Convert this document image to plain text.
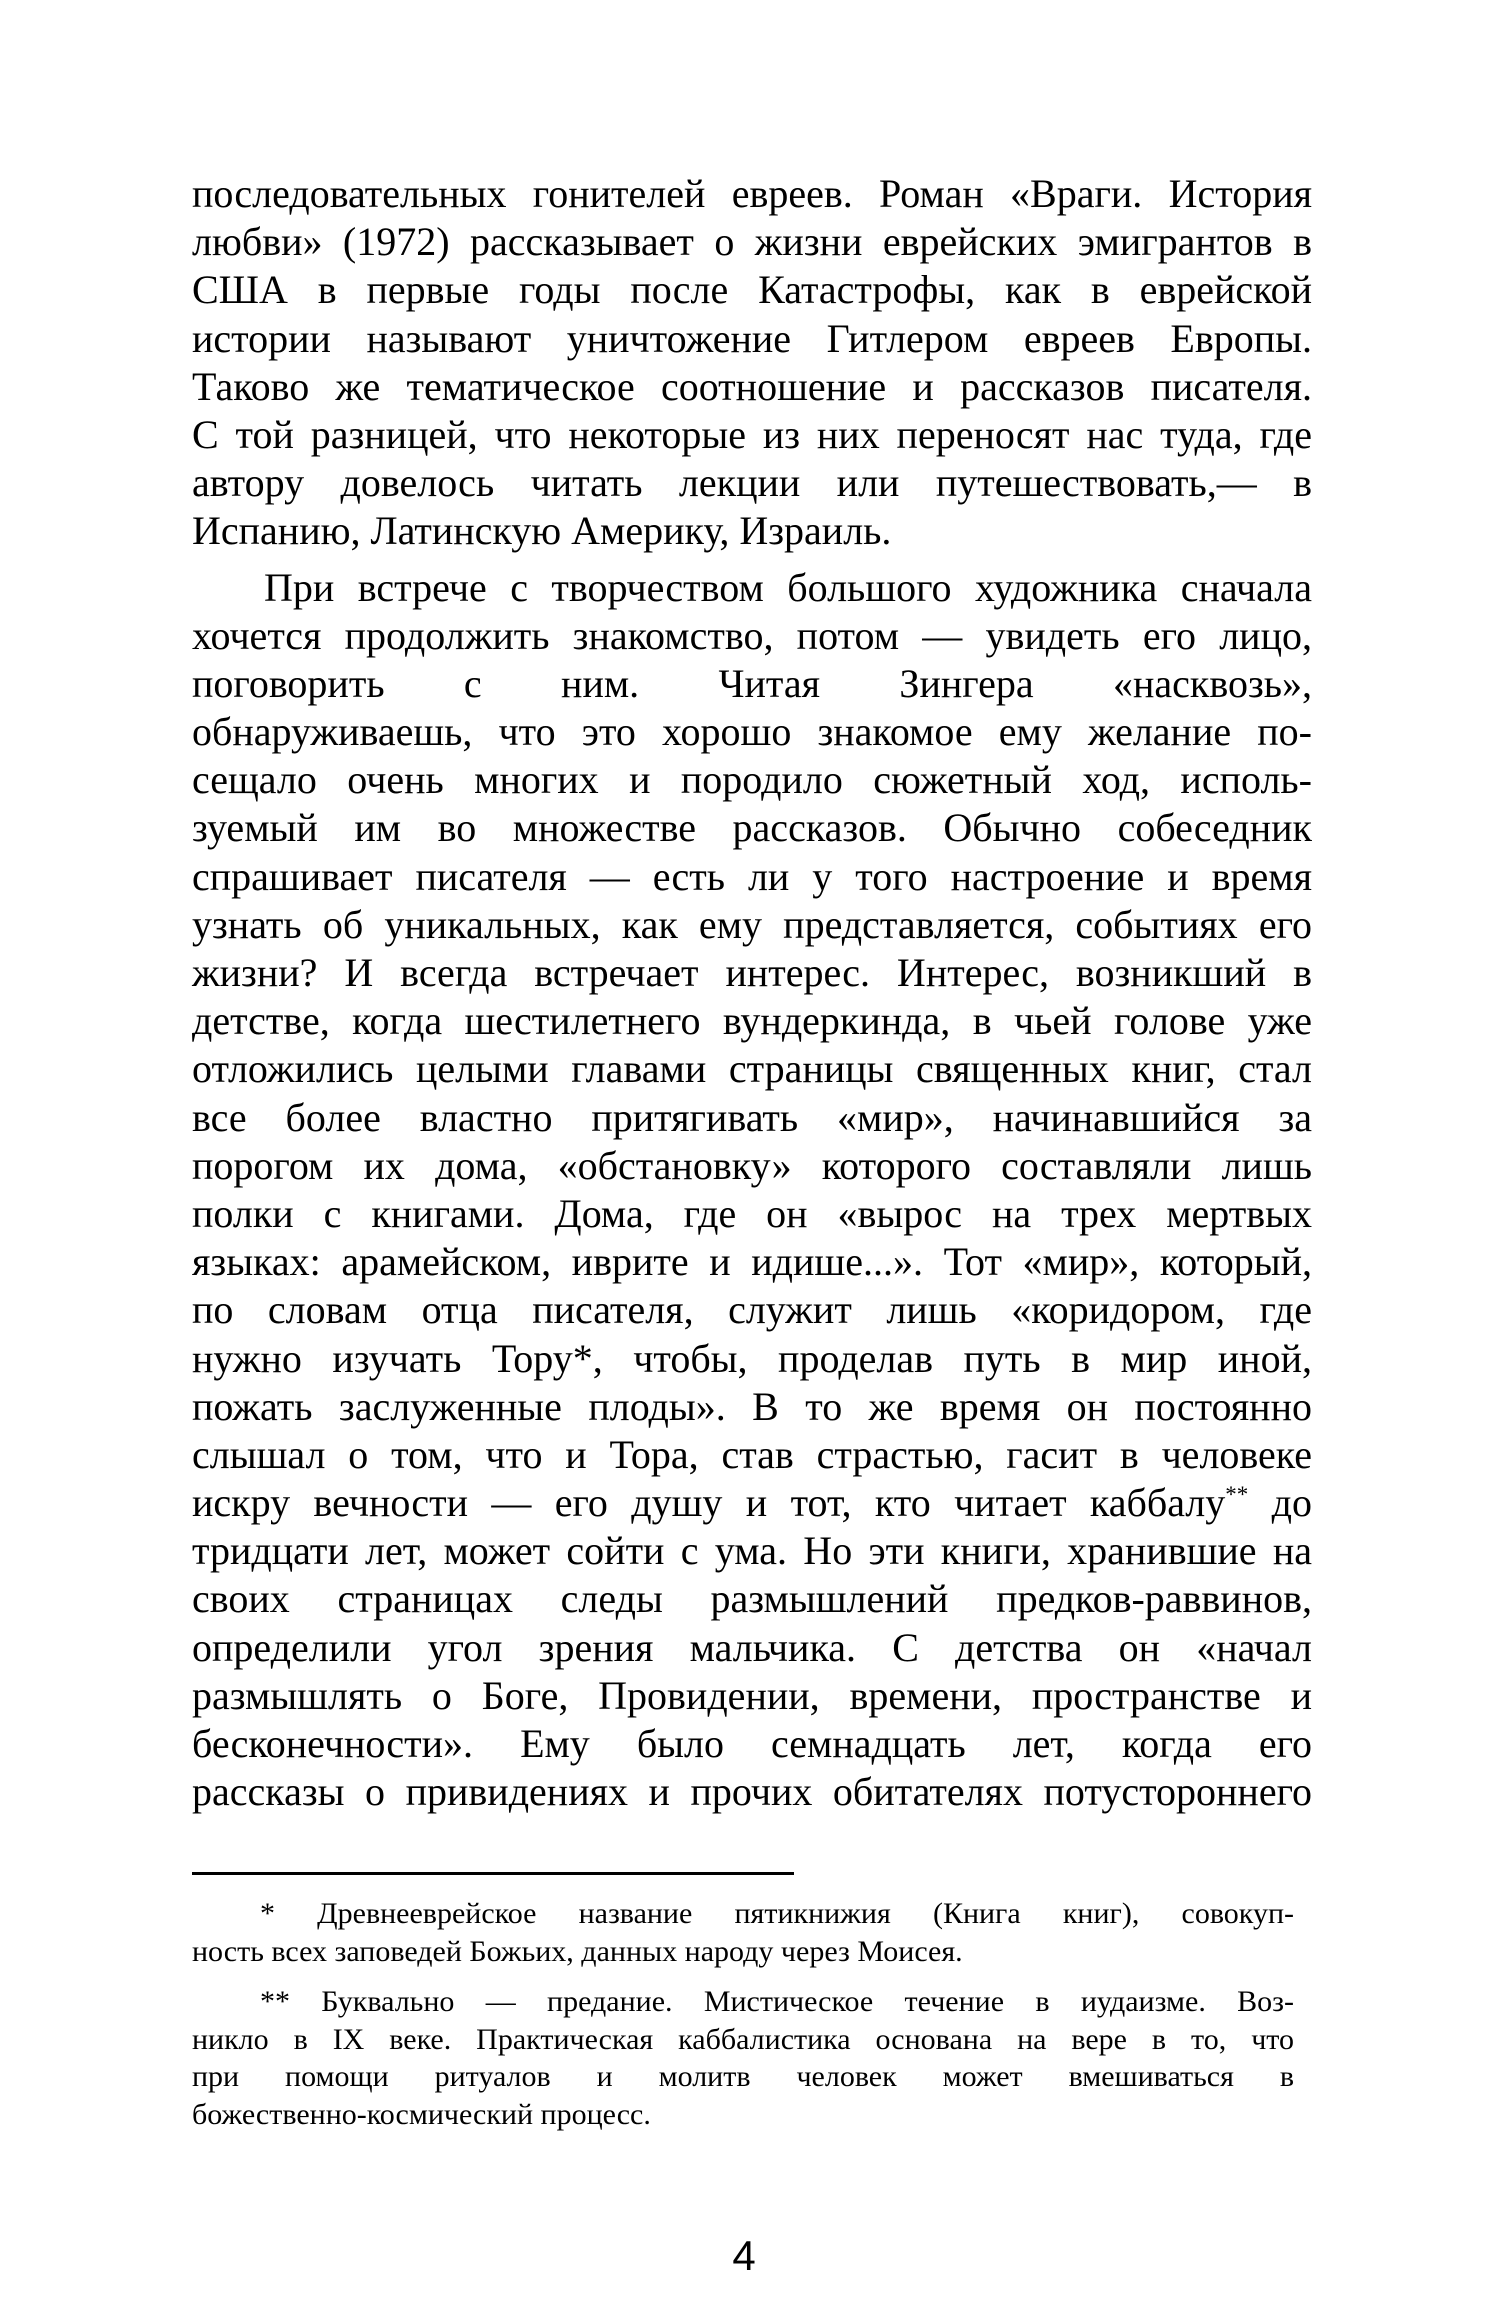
последовательных гонителей евреев. Роман «Враги. История
любви» (1972) рассказывает о жизни еврейских эмигрантов в
США в первые годы после Катастрофы, как в еврейской
истории называют уничтожение Гитлером евреев Европы.
Таково же тематическое соотношение и рассказов писателя.
С той разницей, что некоторые из них переносят нас туда, где
автору довелось читать лекции или путешествовать,— в
Испанию, Латинскую Америку, Израиль.
При встрече с творчеством большого художника сначала
хочется продолжить знакомство, потом — увидеть его лицо,
поговорить с ним. Читая Зингера «насквозь»,
обнаруживаешь, что это хорошо знакомое ему желание по-
сещало очень многих и породило сюжетный ход, исполь-
зуемый им во множестве рассказов. Обычно собеседник
спрашивает писателя — есть ли у того настроение и время
узнать об уникальных, как ему представляется, событиях его
жизни? И всегда встречает интерес. Интерес, возникший в
детстве, когда шестилетнего вундеркинда, в чьей голове уже
отложились целыми главами страницы священных книг, стал
все более властно притягивать «мир», начинавшийся за
порогом их дома, «обстановку» которого составляли лишь
полки с книгами. Дома, где он «вырос на трех мертвых
языках: арамейском, иврите и идише...». Тот «мир», который,
по словам отца писателя, служит лишь «коридором, где
нужно изучать Тору*, чтобы, проделав путь в мир иной,
пожать заслуженные плоды». В то же время он постоянно
слышал о том, что и Тора, став страстью, гасит в человеке
искру вечности — его душу и тот, кто читает каббалу** до
тридцати лет, может сойти с ума. Но эти книги, хранившие на
своих страницах следы размышлений предков-раввинов,
определили угол зрения мальчика. С детства он «начал
размышлять о Боге, Провидении, времени, пространстве и
бесконечности». Ему было семнадцать лет, когда его
рассказы о привидениях и прочих обитателях потустороннего
* Древнееврейское название пятикнижия (Книга книг), совокуп-
ность всех заповедей Божьих, данных народу через Моисея.
** Буквально — предание. Мистическое течение в иудаизме. Воз-
никло в IX веке. Практическая каббалистика основана на вере в то, что
при помощи ритуалов и молитв человек может вмешиваться в
божественно-космический процесс.
4
